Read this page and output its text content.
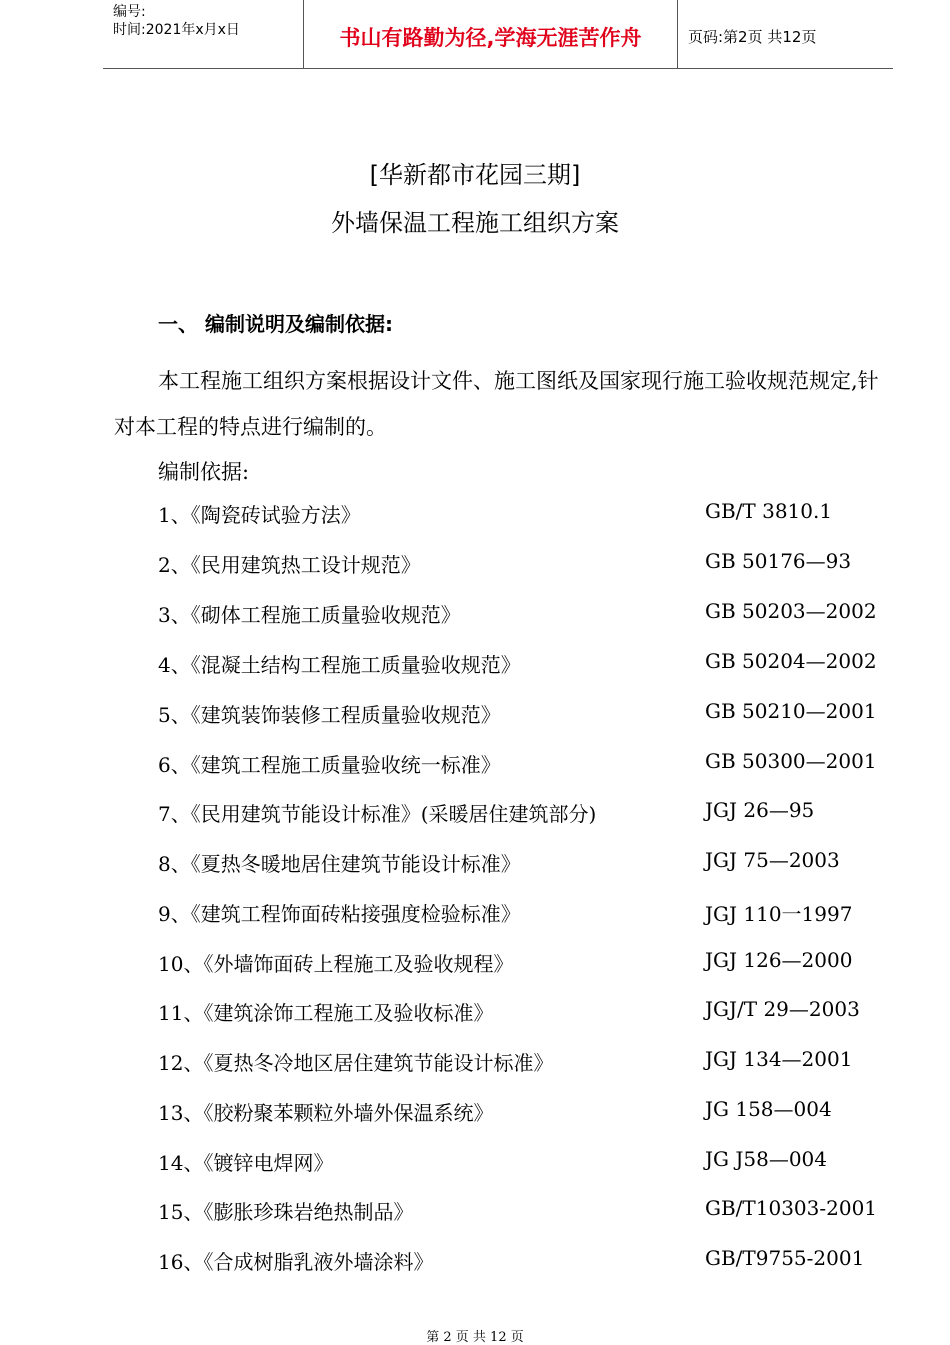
编号:
时间:2021年x月x日	书山有路勤为径,学海无涯苦作舟	页码:第2页 共12页
[华新都市花园三期]
外墙保温工程施工组织方案
一、 编制说明及编制依据:
本工程施工组织方案根据设计文件、施工图纸及国家现行施工验收规范规定,针对本工程的特点进行编制的。
编制依据:
1、《陶瓷砖试验方法》	GB/T 3810.1
2、《民用建筑热工设计规范》	GB 50176—93
3、《砌体工程施工质量验收规范》	GB 50203—2002
4、《混凝土结构工程施工质量验收规范》	GB 50204—2002
5、《建筑装饰装修工程质量验收规范》	GB 50210—2001
6、《建筑工程施工质量验收统一标准》	GB 50300—2001
7、《民用建筑节能设计标准》(采暖居住建筑部分)	JGJ 26—95
8、《夏热冬暖地居住建筑节能设计标准》	JGJ 75—2003
9、《建筑工程饰面砖粘接强度检验标准》	JGJ 110一1997
10、《外墙饰面砖上程施工及验收规程》	JGJ 126—2000
11、《建筑涂饰工程施工及验收标准》	JGJ/T 29—2003
12、《夏热冬冷地区居住建筑节能设计标准》	JGJ 134—2001
13、《胶粉聚苯颗粒外墙外保温系统》	JG 158—004
14、《镀锌电焊网》	JG J58—004
15、《膨胀珍珠岩绝热制品》	GB/T10303-2001
16、《合成树脂乳液外墙涂料》	GB/T9755-2001
第 2 页 共 12 页
